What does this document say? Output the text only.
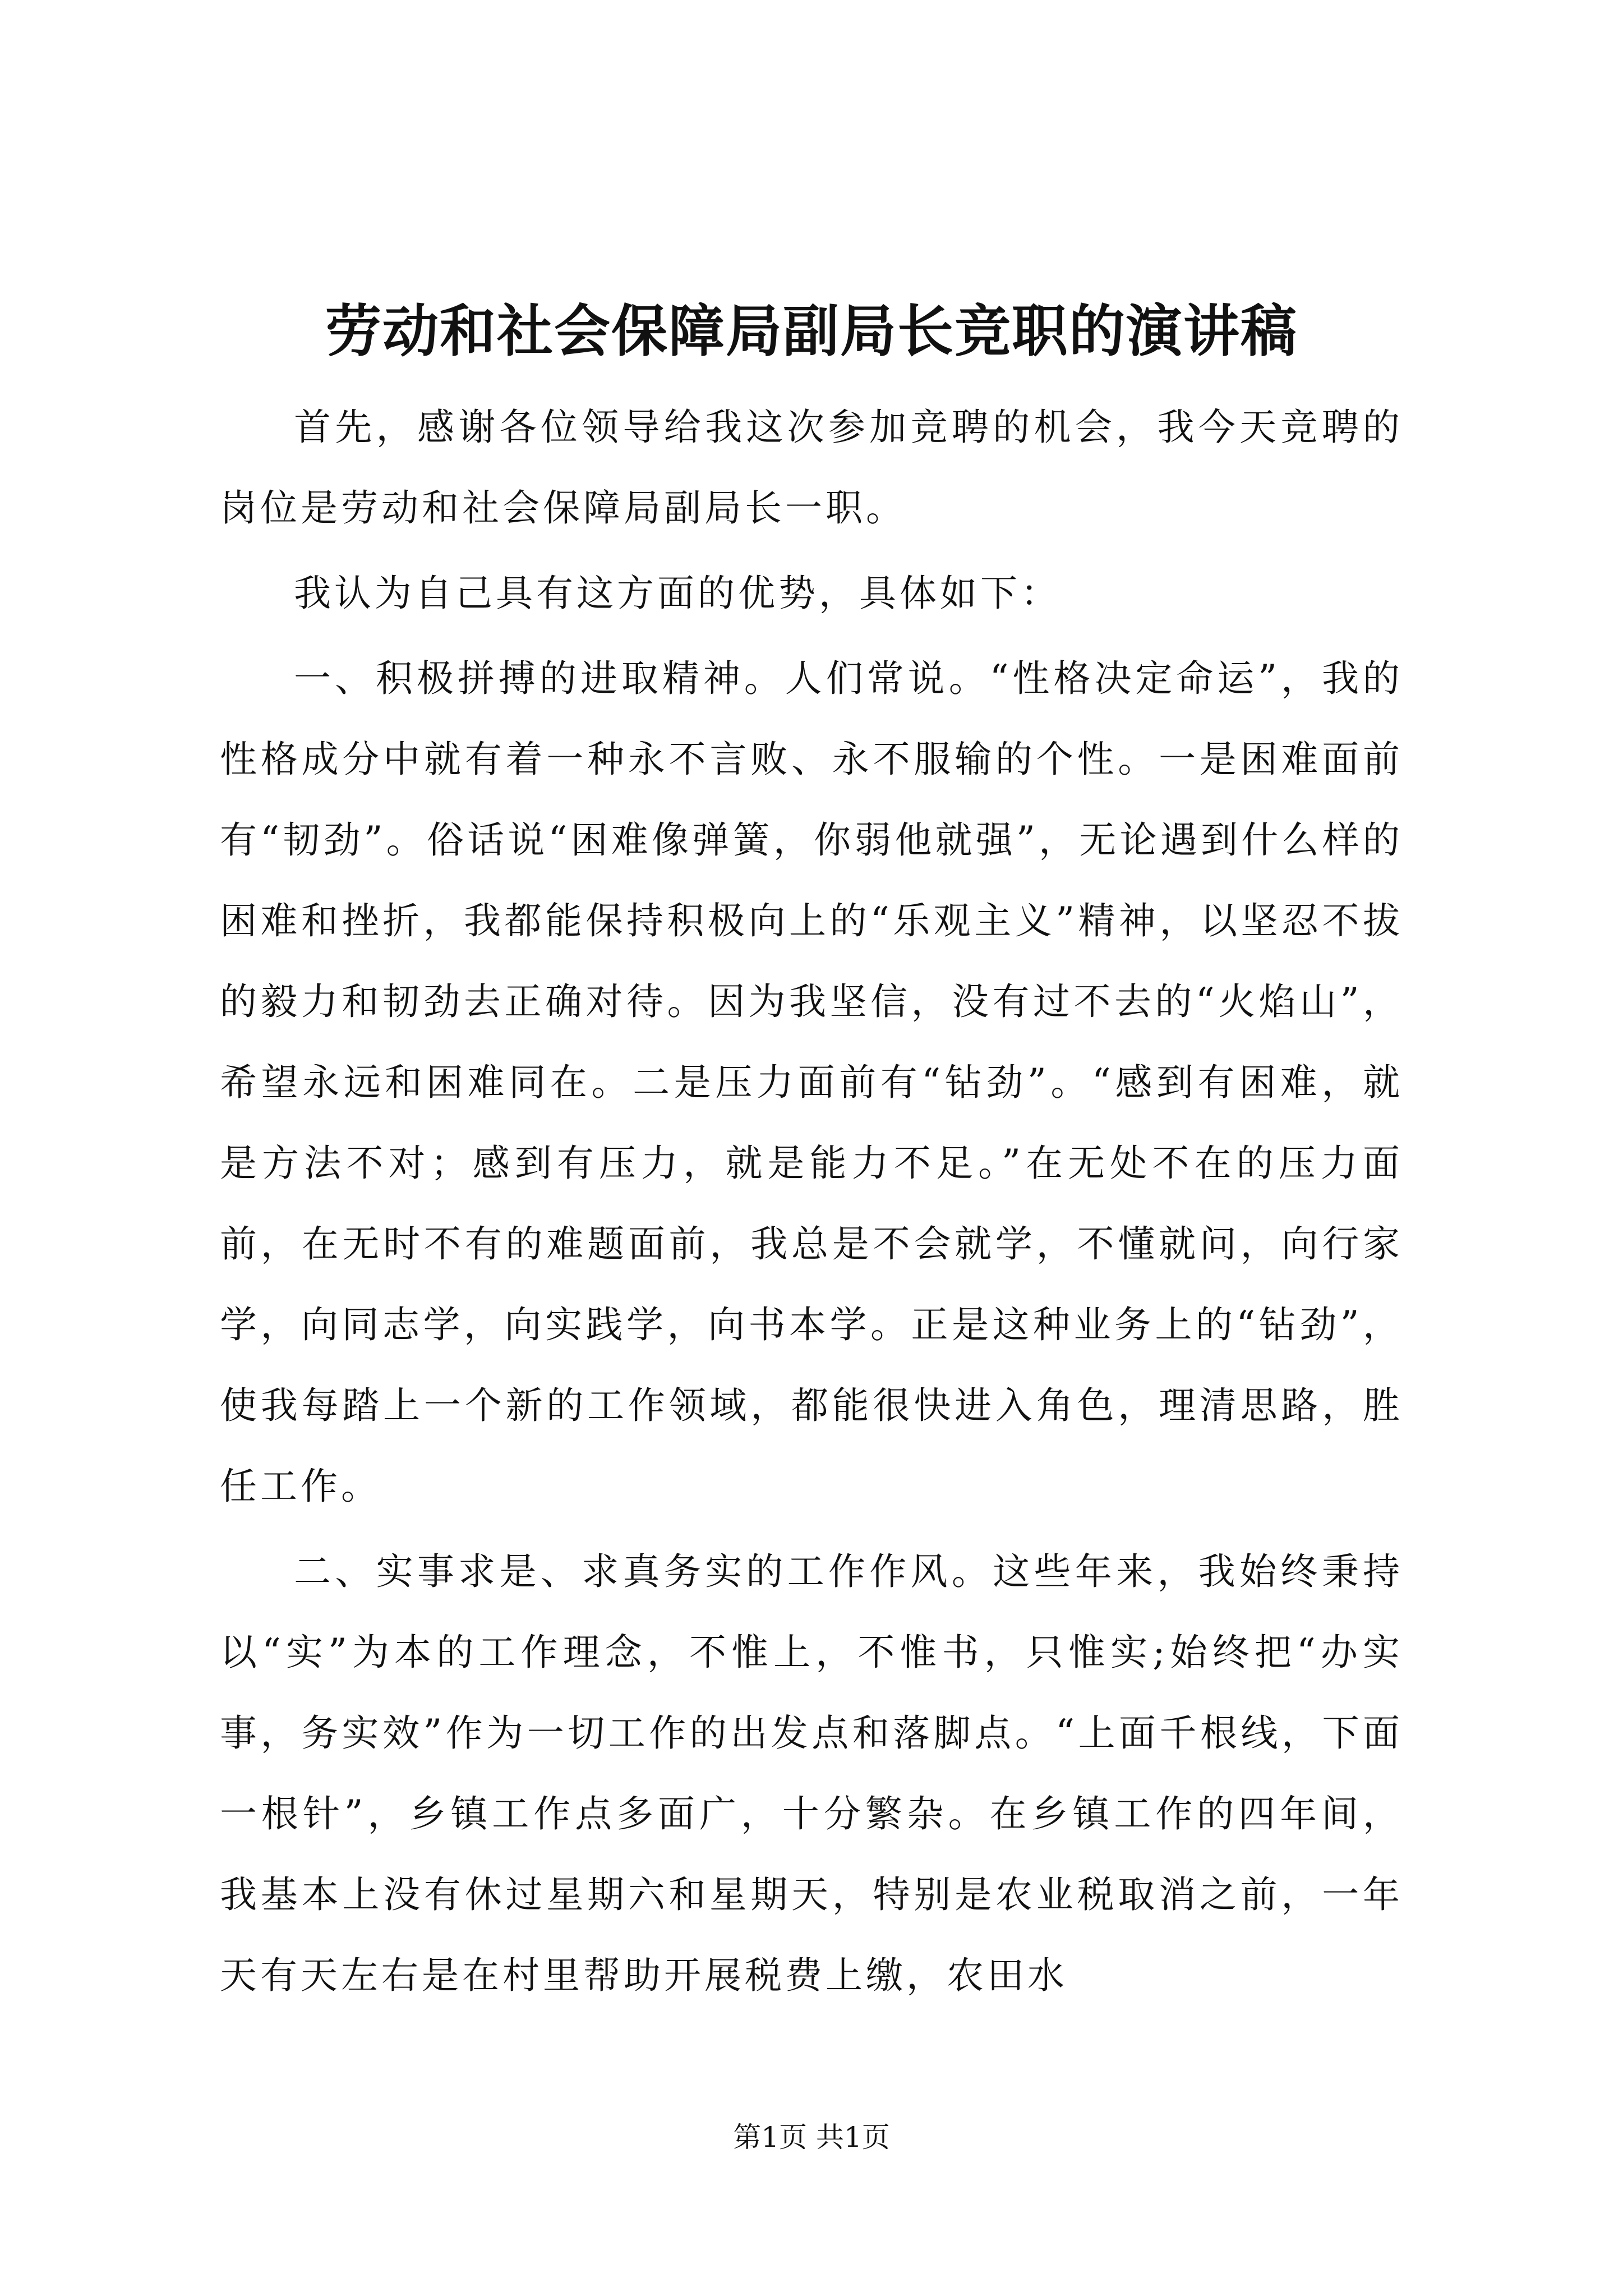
劳动和社会保障局副局长竞职的演讲稿

首先，感谢各位领导给我这次参加竞聘的机会，我今天竞聘的岗位是劳动和社会保障局副局长一职。

我认为自己具有这方面的优势，具体如下：

一、积极拼搏的进取精神。人们常说。“性格决定命运”，我的性格成分中就有着一种永不言败、永不服输的个性。一是困难面前有“韧劲”。俗话说“困难像弹簧，你弱他就强”，无论遇到什么样的困难和挫折，我都能保持积极向上的“乐观主义”精神，以坚忍不拔的毅力和韧劲去正确对待。因为我坚信，没有过不去的“火焰山”，希望永远和困难同在。二是压力面前有“钻劲”。“感到有困难，就是方法不对；感到有压力，就是能力不足。”在无处不在的压力面前，在无时不有的难题面前，我总是不会就学，不懂就问，向行家学，向同志学，向实践学，向书本学。正是这种业务上的“钻劲”，使我每踏上一个新的工作领域，都能很快进入角色，理清思路，胜任工作。

二、实事求是、求真务实的工作作风。这些年来，我始终秉持以“实”为本的工作理念，不惟上，不惟书，只惟实;始终把“办实事，务实效”作为一切工作的出发点和落脚点。“上面千根线，下面一根针”，乡镇工作点多面广，十分繁杂。在乡镇工作的四年间，我基本上没有休过星期六和星期天，特别是农业税取消之前，一年天有天左右是在村里帮助开展税费上缴，农田水

第1页 共1页
